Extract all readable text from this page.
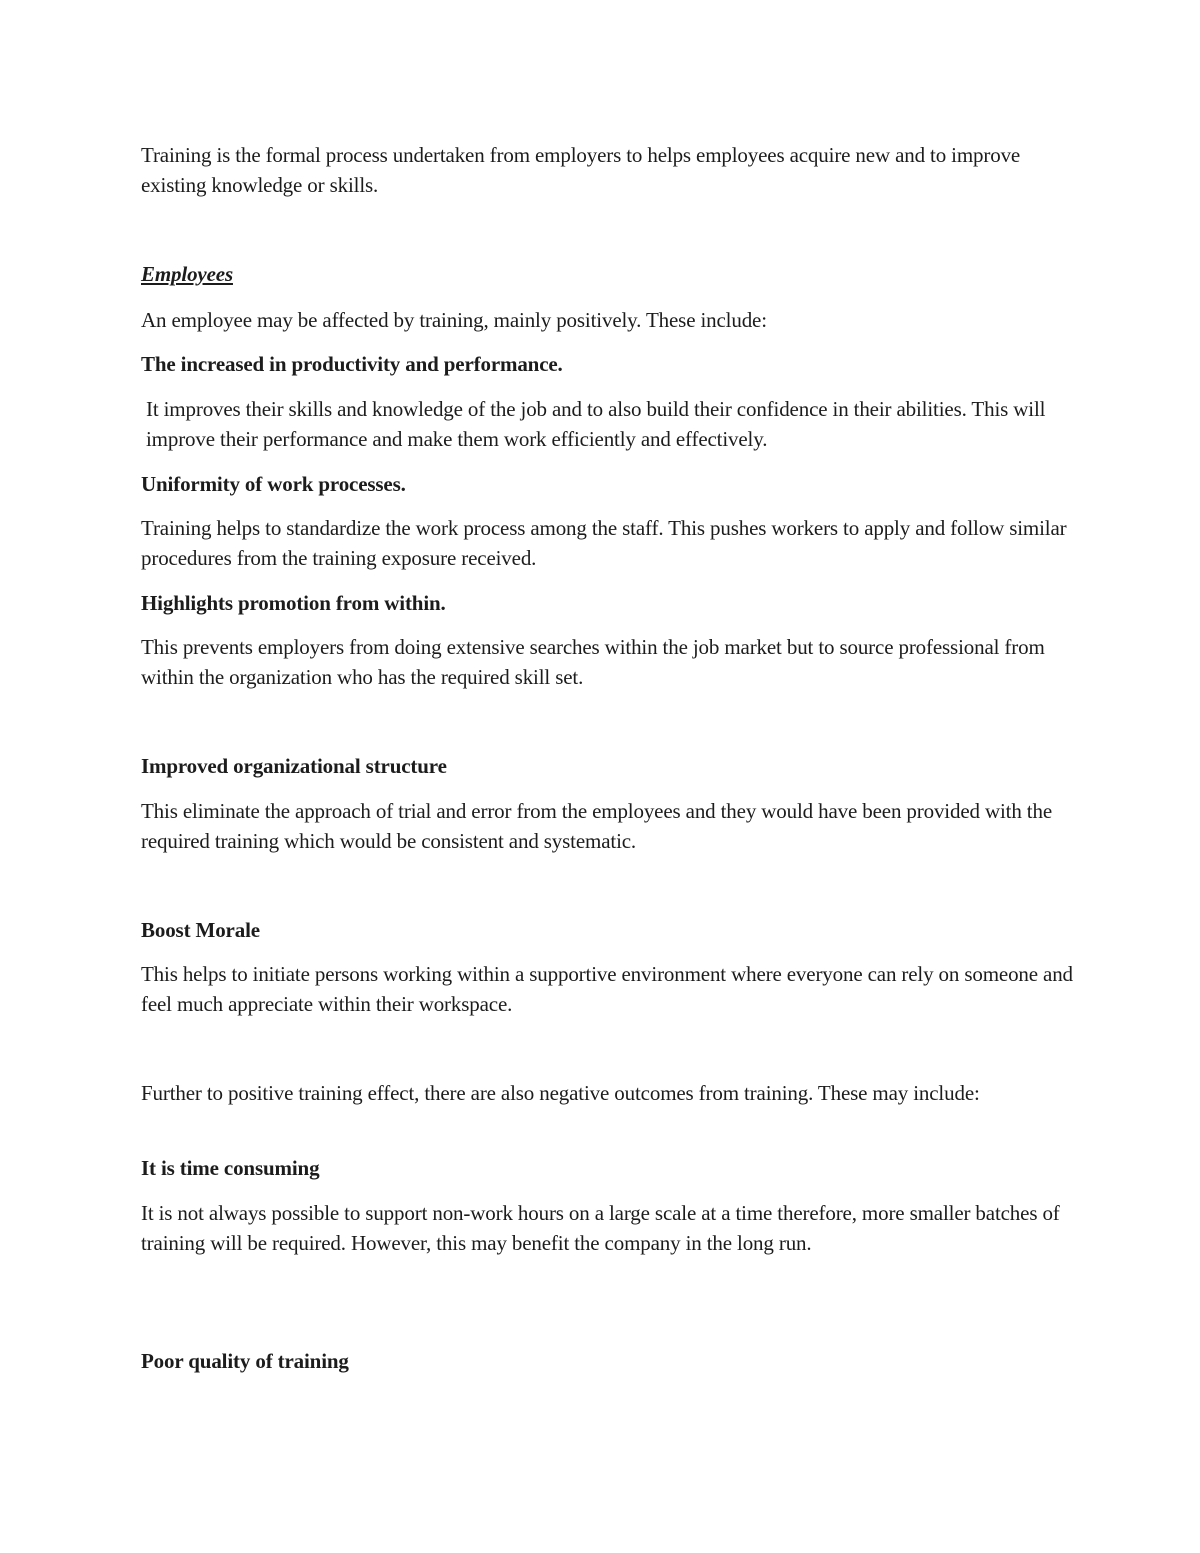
Training is the formal process undertaken from employers to helps employees acquire new and to improve existing knowledge or skills.

Employees

An employee may be affected by training, mainly positively. These include:

The increased in productivity and performance.

It improves their skills and knowledge of the job and to also build their confidence in their abilities. This will improve their performance and make them work efficiently and effectively.

Uniformity of work processes.

Training helps to standardize the work process among the staff. This pushes workers to apply and follow similar procedures from the training exposure received.

Highlights promotion from within.

This prevents employers from doing extensive searches within the job market but to source professional from within the organization who has the required skill set.

Improved organizational structure

This eliminate the approach of trial and error from the employees and they would have been provided with the required training which would be consistent and systematic.

Boost Morale

This helps to initiate persons working within a supportive environment where everyone can rely on someone and feel much appreciate within their workspace.

Further to positive training effect, there are also negative outcomes from training. These may include:

It is time consuming

It is not always possible to support non-work hours on a large scale at a time therefore, more smaller batches of training will be required. However, this may benefit the company in the long run.

Poor quality of training
